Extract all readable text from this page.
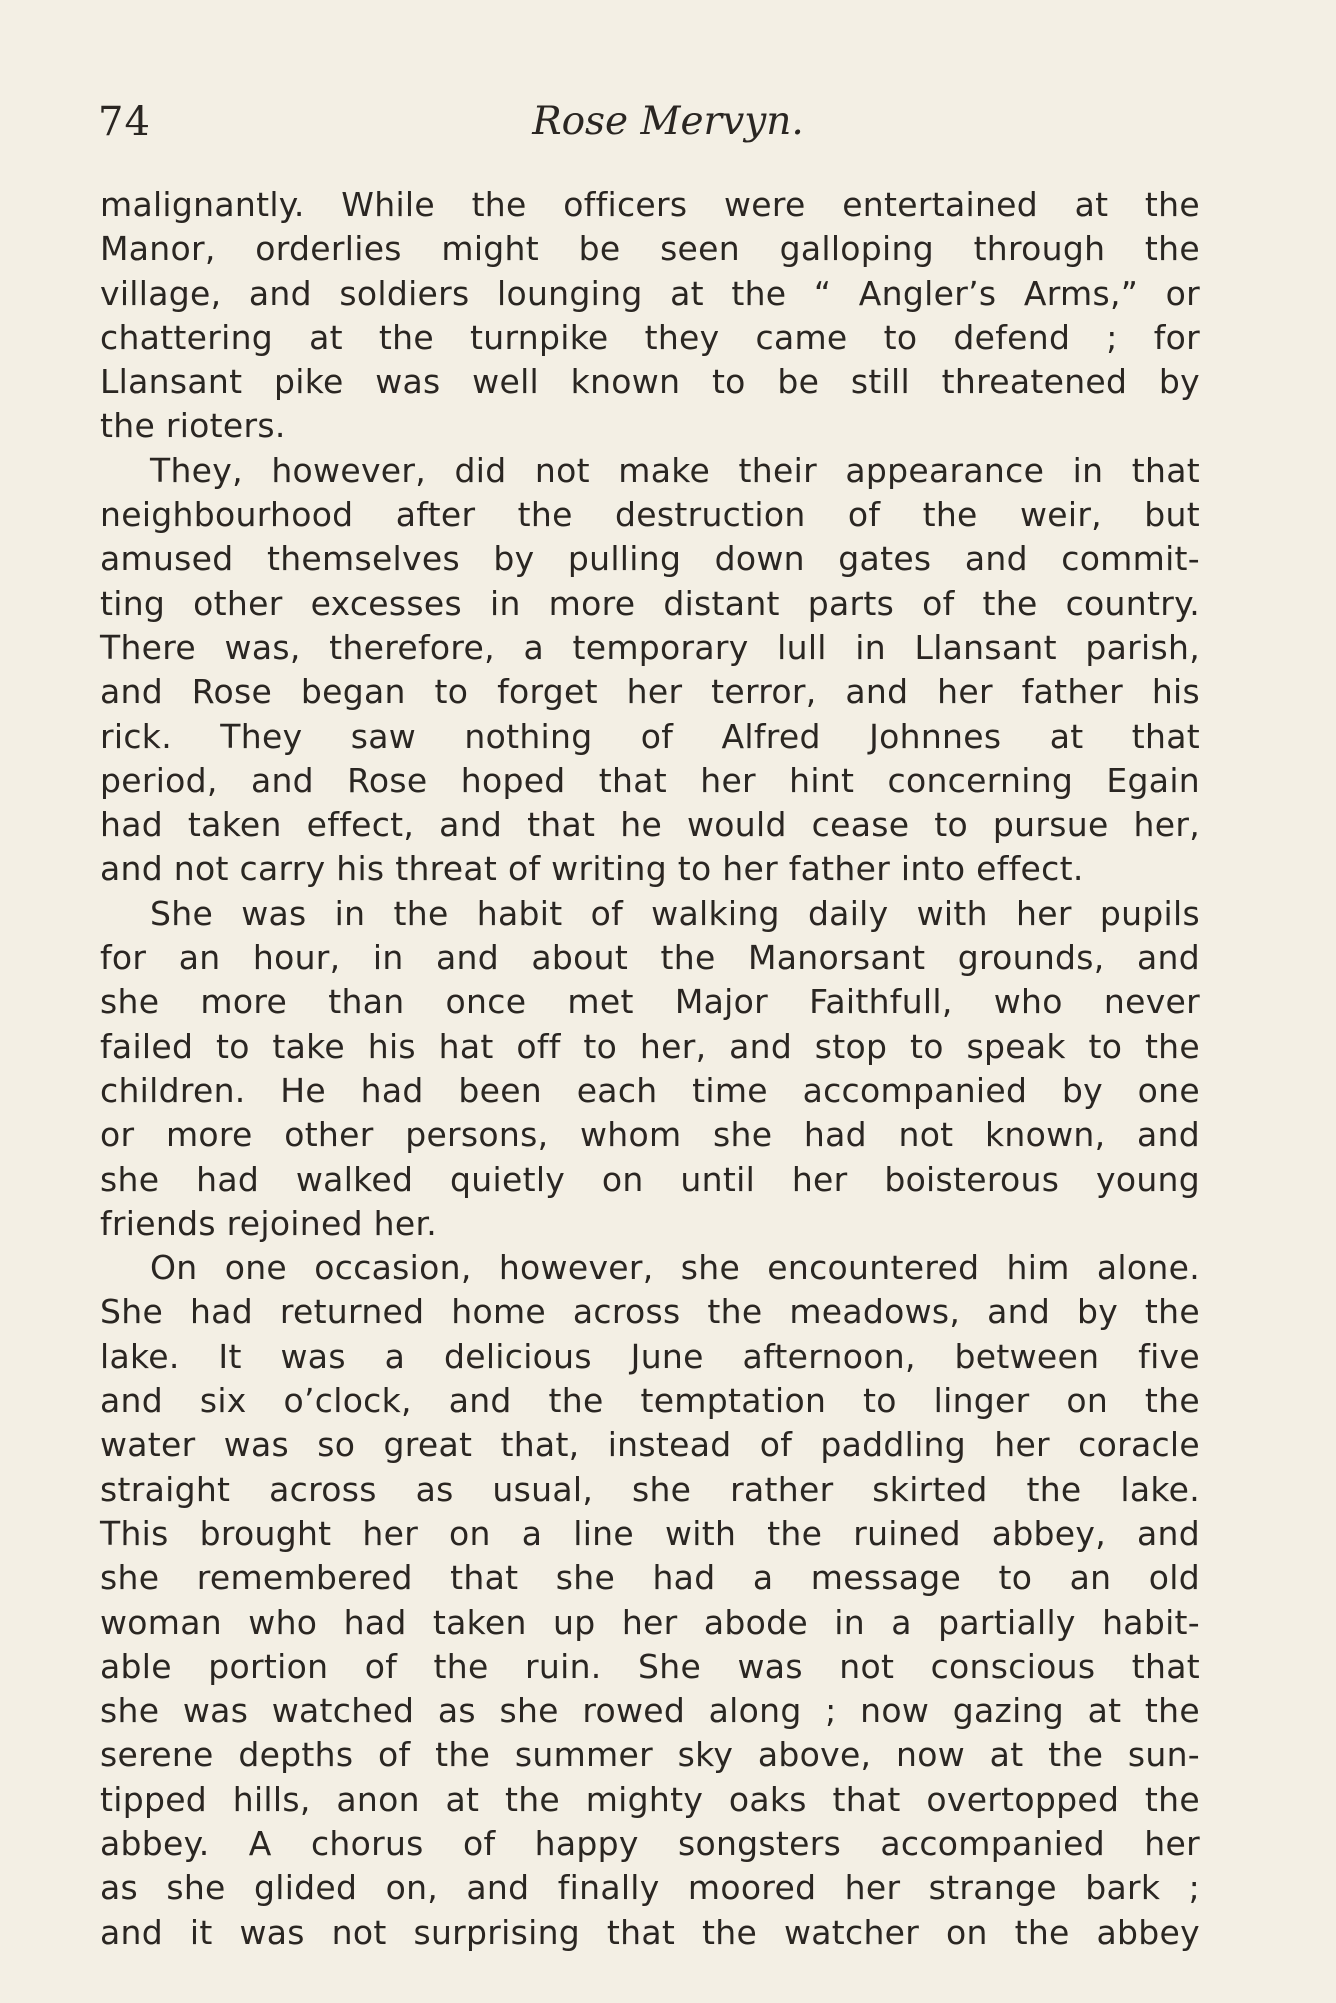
74	Rose Mervyn.
malignantly. While the officers were entertained at the
Manor, orderlies might be seen galloping through the
village, and soldiers lounging at the “ Angler’s Arms,” or
chattering at the turnpike they came to defend ; for
Llansant pike was well known to be still threatened by
the rioters.
They, however, did not make their appearance in that
neighbourhood after the destruction of the weir, but
amused themselves by pulling down gates and commit-
ting other excesses in more distant parts of the country.
There was, therefore, a temporary lull in Llansant parish,
and Rose began to forget her terror, and her father his
rick. They saw nothing of Alfred Johnnes at that
period, and Rose hoped that her hint concerning Egain
had taken effect, and that he would cease to pursue her,
and not carry his threat of writing to her father into effect.
She was in the habit of walking daily with her pupils
for an hour, in and about the Manorsant grounds, and
she more than once met Major Faithfull, who never
failed to take his hat off to her, and stop to speak to the
children. He had been each time accompanied by one
or more other persons, whom she had not known, and
she had walked quietly on until her boisterous young
friends rejoined her.
On one occasion, however, she encountered him alone.
She had returned home across the meadows, and by the
lake. It was a delicious June afternoon, between five
and six o’clock, and the temptation to linger on the
water was so great that, instead of paddling her coracle
straight across as usual, she rather skirted the lake.
This brought her on a line with the ruined abbey, and
she remembered that she had a message to an old
woman who had taken up her abode in a partially habit-
able portion of the ruin. She was not conscious that
she was watched as she rowed along ; now gazing at the
serene depths of the summer sky above, now at the sun-
tipped hills, anon at the mighty oaks that overtopped the
abbey. A chorus of happy songsters accompanied her
as she glided on, and finally moored her strange bark ;
and it was not surprising that the watcher on the abbey
